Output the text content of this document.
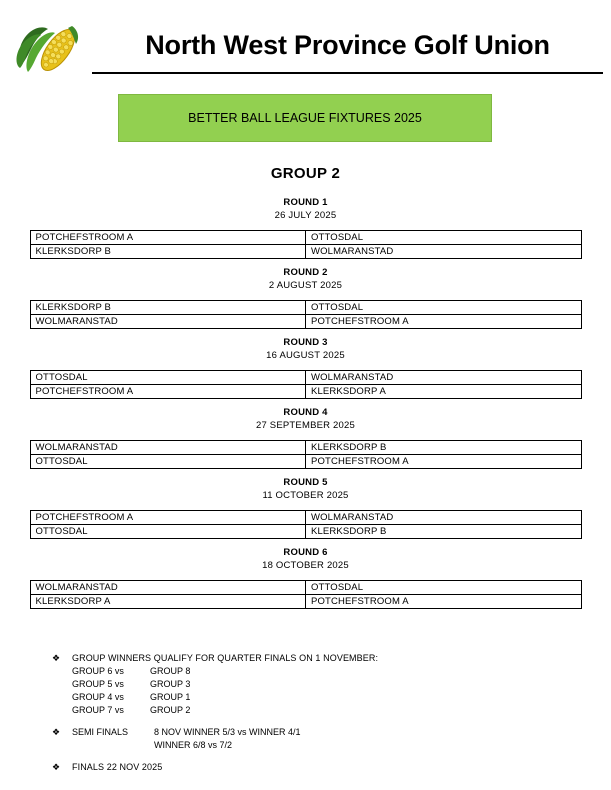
North West Province Golf Union
BETTER BALL LEAGUE FIXTURES 2025
GROUP 2
ROUND 1
26 JULY 2025
POTCHEFSTROOM A	OTTOSDAL
KLERKSDORP B	WOLMARANSTAD
ROUND 2
2 AUGUST 2025
KLERKSDORP B	OTTOSDAL
WOLMARANSTAD	POTCHEFSTROOM A
ROUND 3
16 AUGUST 2025
OTTOSDAL	WOLMARANSTAD
POTCHEFSTROOM A	KLERKSDORP A
ROUND 4
27 SEPTEMBER 2025
WOLMARANSTAD	KLERKSDORP B
OTTOSDAL	POTCHEFSTROOM A
ROUND 5
11 OCTOBER 2025
POTCHEFSTROOM A	WOLMARANSTAD
OTTOSDAL	KLERKSDORP B
ROUND 6
18 OCTOBER 2025
WOLMARANSTAD	OTTOSDAL
KLERKSDORP A	POTCHEFSTROOM A
❖ GROUP WINNERS QUALIFY FOR QUARTER FINALS ON 1 NOVEMBER:
GROUP 6 vs	GROUP 8
GROUP 5 vs	GROUP 3
GROUP 4 vs	GROUP 1
GROUP 7 vs	GROUP 2
❖ SEMI FINALS	8 NOV WINNER 5/3 vs WINNER 4/1
WINNER 6/8 vs 7/2
❖ FINALS 22 NOV 2025
